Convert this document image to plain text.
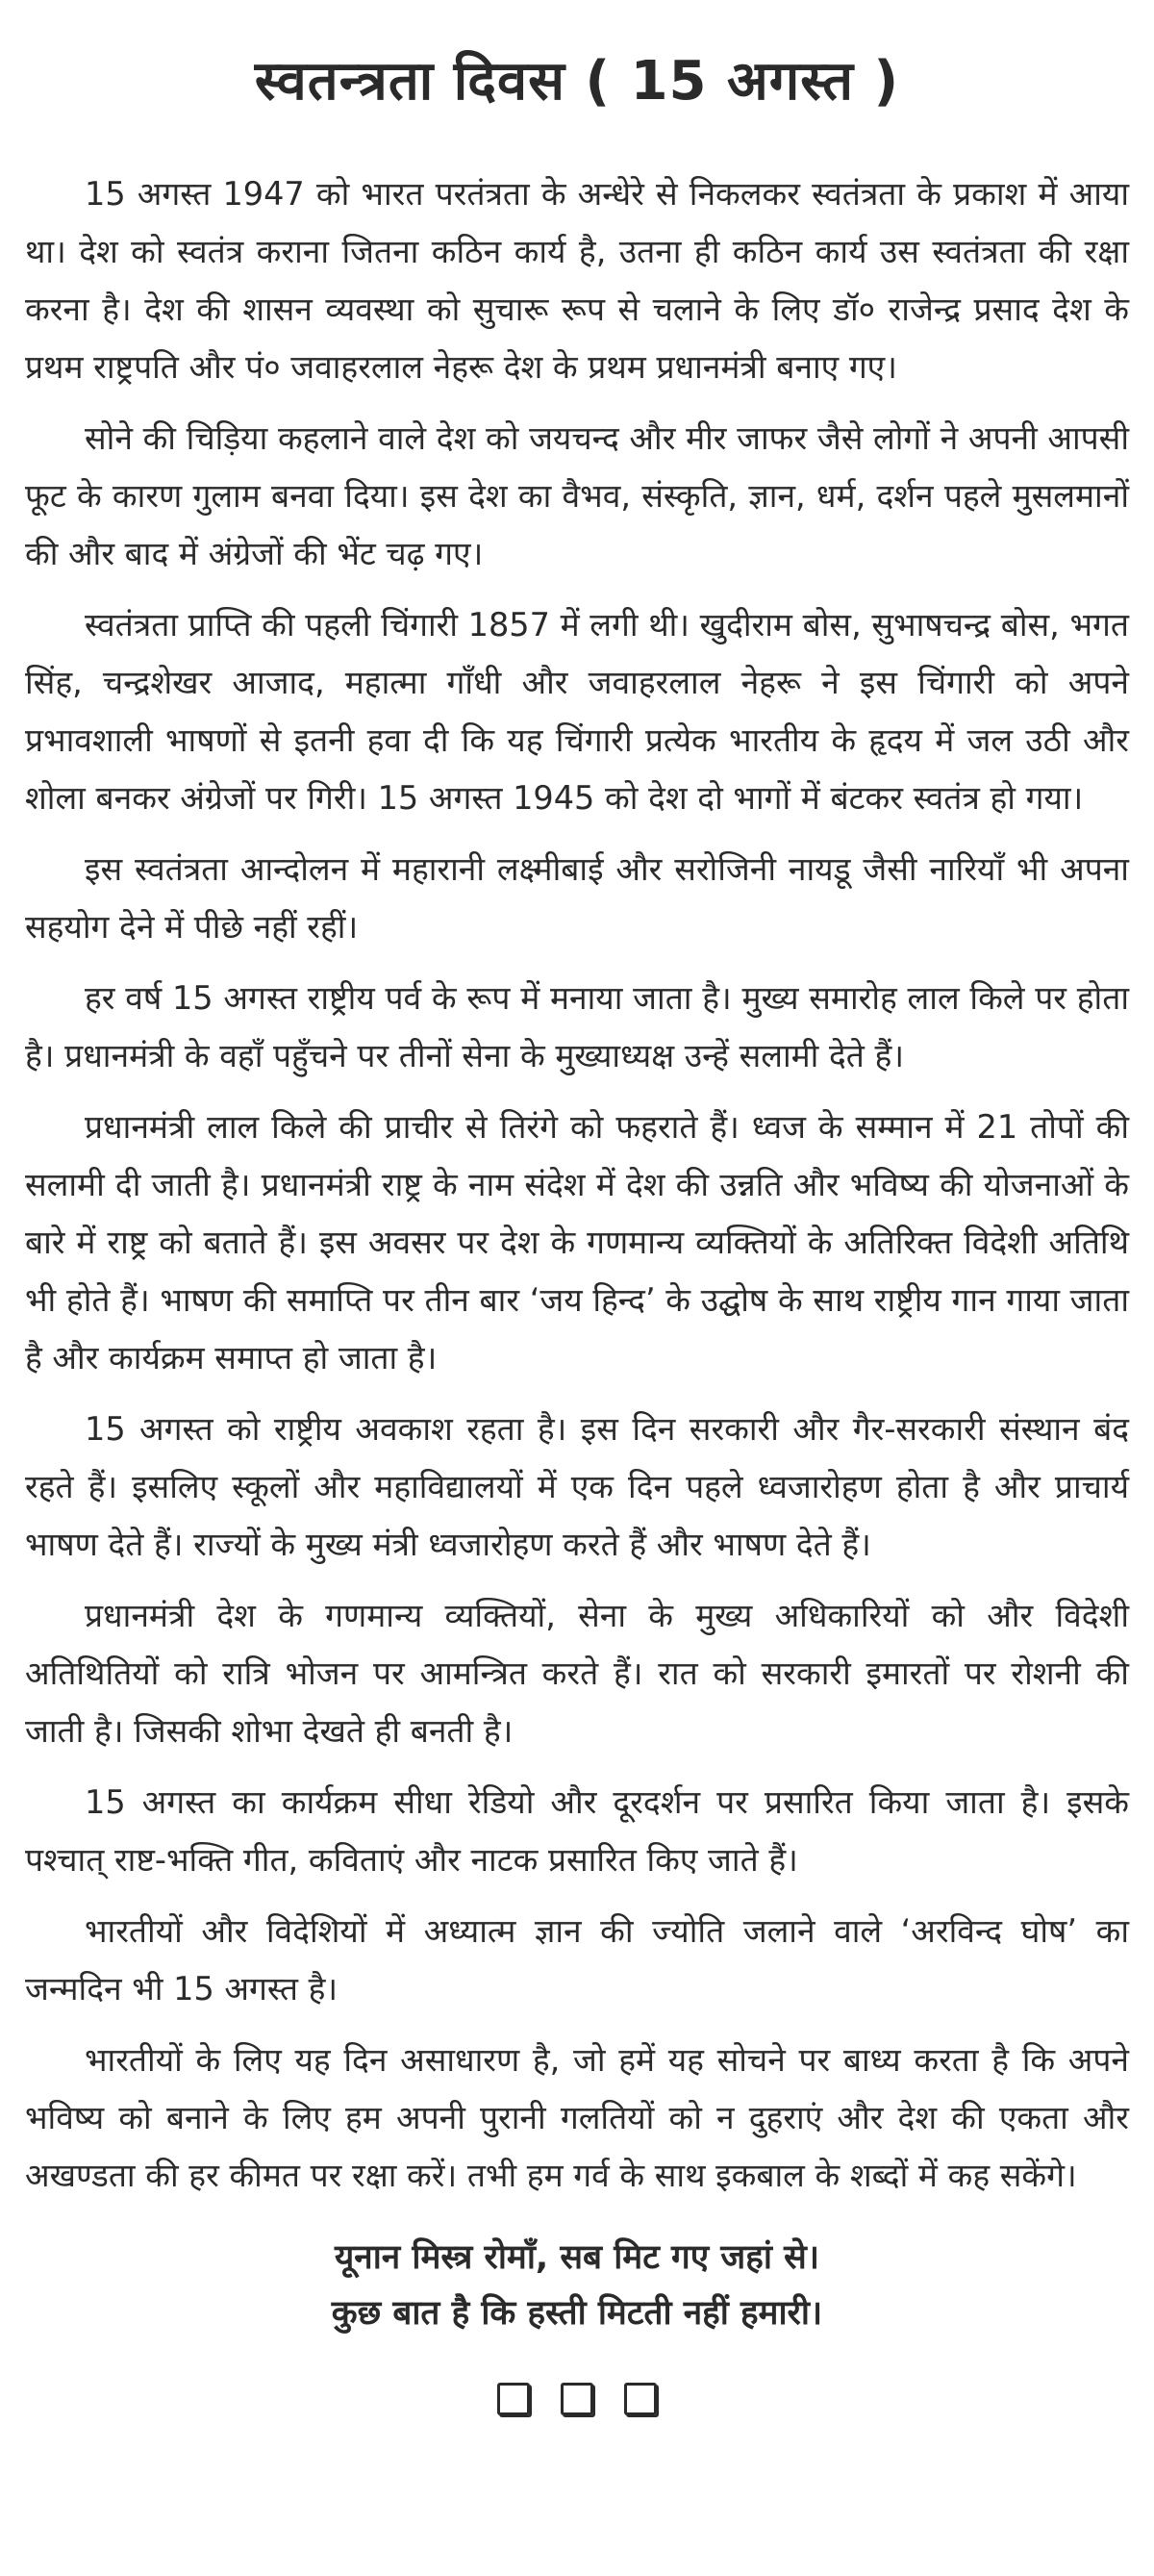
स्वतन्त्रता दिवस ( 15 अगस्त )

15 अगस्त 1947 को भारत परतंत्रता के अन्धेरे से निकलकर स्वतंत्रता के प्रकाश में आया था। देश को स्वतंत्र कराना जितना कठिन कार्य है, उतना ही कठिन कार्य उस स्वतंत्रता की रक्षा करना है। देश की शासन व्यवस्था को सुचारू रूप से चलाने के लिए डॉ० राजेन्द्र प्रसाद देश के प्रथम राष्ट्रपति और पं० जवाहरलाल नेहरू देश के प्रथम प्रधानमंत्री बनाए गए।

सोने की चिड़िया कहलाने वाले देश को जयचन्द और मीर जाफर जैसे लोगों ने अपनी आपसी फूट के कारण गुलाम बनवा दिया। इस देश का वैभव, संस्कृति, ज्ञान, धर्म, दर्शन पहले मुसलमानों की और बाद में अंग्रेजों की भेंट चढ़ गए।

स्वतंत्रता प्राप्ति की पहली चिंगारी 1857 में लगी थी। खुदीराम बोस, सुभाषचन्द्र बोस, भगत सिंह, चन्द्रशेखर आजाद, महात्मा गाँधी और जवाहरलाल नेहरू ने इस चिंगारी को अपने प्रभावशाली भाषणों से इतनी हवा दी कि यह चिंगारी प्रत्येक भारतीय के हृदय में जल उठी और शोला बनकर अंग्रेजों पर गिरी। 15 अगस्त 1945 को देश दो भागों में बंटकर स्वतंत्र हो गया।

इस स्वतंत्रता आन्दोलन में महारानी लक्ष्मीबाई और सरोजिनी नायडू जैसी नारियाँ भी अपना सहयोग देने में पीछे नहीं रहीं।

हर वर्ष 15 अगस्त राष्ट्रीय पर्व के रूप में मनाया जाता है। मुख्य समारोह लाल किले पर होता है। प्रधानमंत्री के वहाँ पहुँचने पर तीनों सेना के मुख्याध्यक्ष उन्हें सलामी देते हैं।

प्रधानमंत्री लाल किले की प्राचीर से तिरंगे को फहराते हैं। ध्वज के सम्मान में 21 तोपों की सलामी दी जाती है। प्रधानमंत्री राष्ट्र के नाम संदेश में देश की उन्नति और भविष्य की योजनाओं के बारे में राष्ट्र को बताते हैं। इस अवसर पर देश के गणमान्य व्यक्तियों के अतिरिक्त विदेशी अतिथि भी होते हैं। भाषण की समाप्ति पर तीन बार ‘जय हिन्द’ के उद्घोष के साथ राष्ट्रीय गान गाया जाता है और कार्यक्रम समाप्त हो जाता है।

15 अगस्त को राष्ट्रीय अवकाश रहता है। इस दिन सरकारी और गैर-सरकारी संस्थान बंद रहते हैं। इसलिए स्कूलों और महाविद्यालयों में एक दिन पहले ध्वजारोहण होता है और प्राचार्य भाषण देते हैं। राज्यों के मुख्य मंत्री ध्वजारोहण करते हैं और भाषण देते हैं।

प्रधानमंत्री देश के गणमान्य व्यक्तियों, सेना के मुख्य अधिकारियों को और विदेशी अतिथितियों को रात्रि भोजन पर आमन्त्रित करते हैं। रात को सरकारी इमारतों पर रोशनी की जाती है। जिसकी शोभा देखते ही बनती है।

15 अगस्त का कार्यक्रम सीधा रेडियो और दूरदर्शन पर प्रसारित किया जाता है। इसके पश्चात् राष्ट-भक्ति गीत, कविताएं और नाटक प्रसारित किए जाते हैं।

भारतीयों और विदेशियों में अध्यात्म ज्ञान की ज्योति जलाने वाले ‘अरविन्द घोष’ का जन्मदिन भी 15 अगस्त है।

भारतीयों के लिए यह दिन असाधारण है, जो हमें यह सोचने पर बाध्य करता है कि अपने भविष्य को बनाने के लिए हम अपनी पुरानी गलतियों को न दुहराएं और देश की एकता और अखण्डता की हर कीमत पर रक्षा करें। तभी हम गर्व के साथ इकबाल के शब्दों में कह सकेंगे।

यूनान मिस्त्र रोमाँ, सब मिट गए जहां से।
कुछ बात है कि हस्ती मिटती नहीं हमारी।
